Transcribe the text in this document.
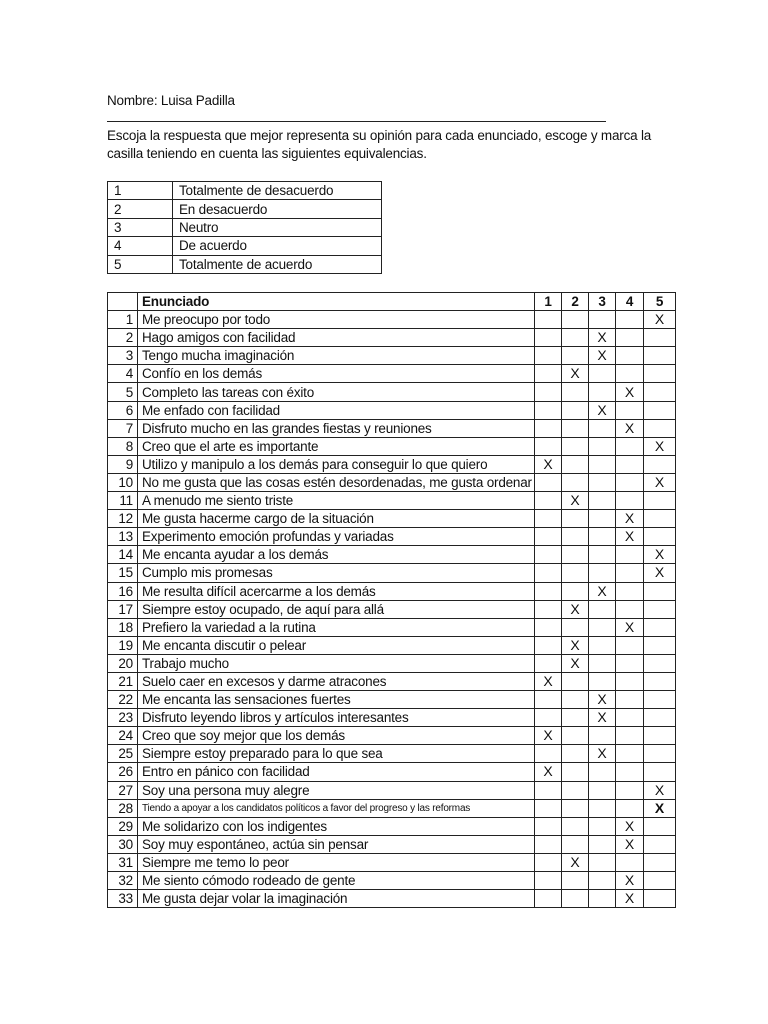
Nombre: Luisa Padilla
Escoja la respuesta que mejor representa su opinión para cada enunciado, escoge y marca la casilla teniendo en cuenta las siguientes equivalencias.
1	Totalmente de desacuerdo
2	En desacuerdo
3	Neutro
4	De acuerdo
5	Totalmente de acuerdo
	Enunciado	1	2	3	4	5
1	Me preocupo por todo					X
2	Hago amigos con facilidad			X		
3	Tengo mucha imaginación			X		
4	Confío en los demás		X			
5	Completo las tareas con éxito				X	
6	Me enfado con facilidad			X		
7	Disfruto mucho en las grandes fiestas y reuniones				X	
8	Creo que el arte es importante					X
9	Utilizo y manipulo a los demás para conseguir lo que quiero	X				
10	No me gusta que las cosas estén desordenadas, me gusta ordenar					X
11	A menudo me siento triste		X			
12	Me gusta hacerme cargo de la situación				X	
13	Experimento emoción profundas y variadas				X	
14	Me encanta ayudar a los demás					X
15	Cumplo mis promesas					X
16	Me resulta difícil acercarme a los demás			X		
17	Siempre estoy ocupado, de aquí para allá		X			
18	Prefiero la variedad a la rutina				X	
19	Me encanta discutir o pelear		X			
20	Trabajo mucho		X			
21	Suelo caer en excesos y darme atracones	X				
22	Me encanta las sensaciones fuertes			X		
23	Disfruto leyendo libros y artículos interesantes			X		
24	Creo que soy mejor que los demás	X				
25	Siempre estoy preparado para lo que sea			X		
26	Entro en pánico con facilidad	X				
27	Soy una persona muy alegre					X
28	Tiendo a apoyar a los candidatos políticos a favor del progreso y las reformas					X
29	Me solidarizo con los indigentes				X	
30	Soy muy espontáneo, actúa sin pensar				X	
31	Siempre me temo lo peor		X			
32	Me siento cómodo rodeado de gente				X	
33	Me gusta dejar volar la imaginación				X	
